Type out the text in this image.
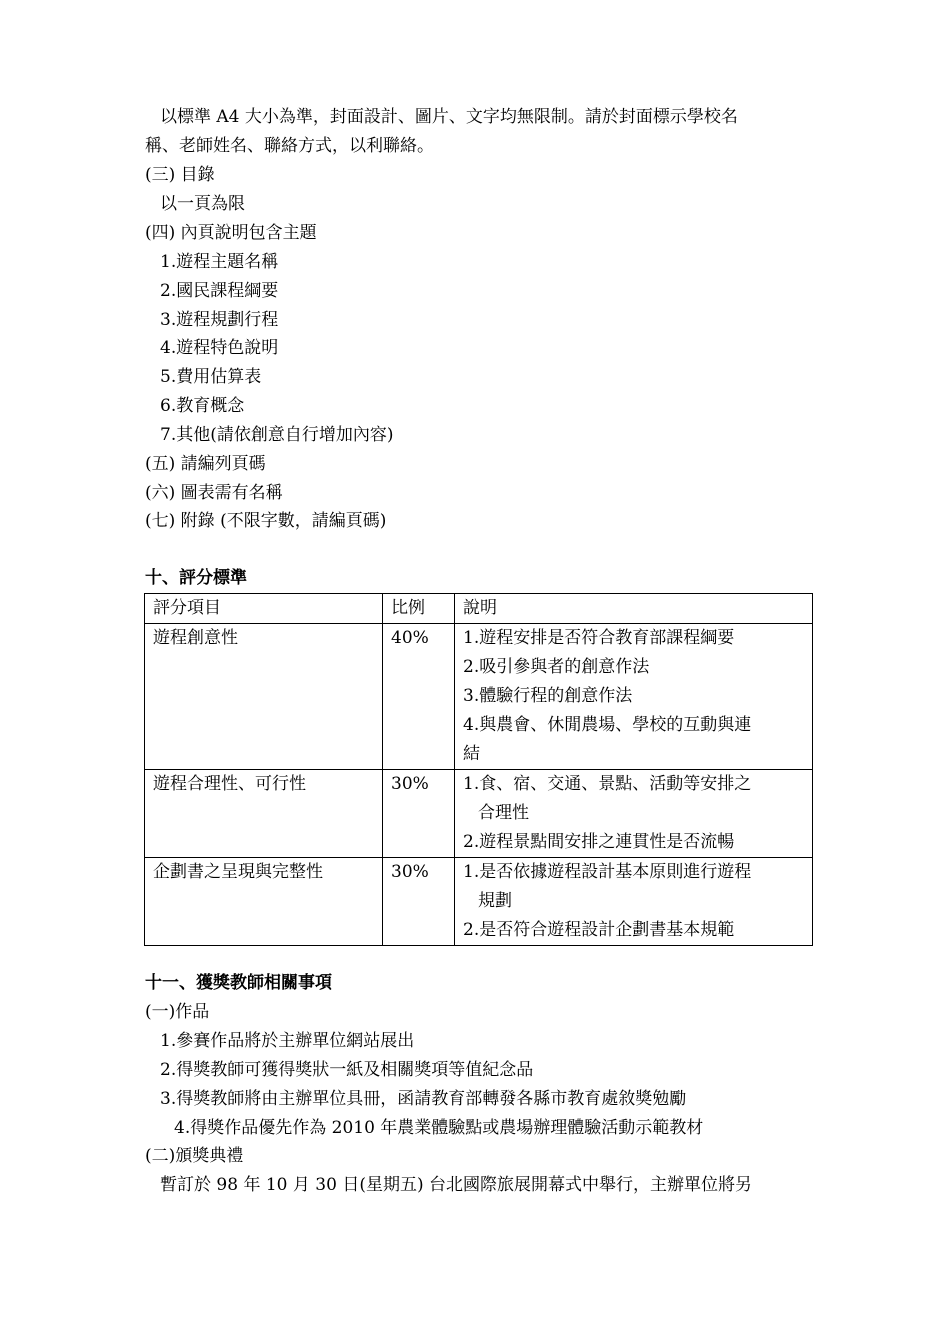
以標準 A4 大小為準，封面設計、圖片、文字均無限制。請於封面標示學校名
稱、老師姓名、聯絡方式，以利聯絡。
(三) 目錄
以一頁為限
(四) 內頁說明包含主題
1.遊程主題名稱
2.國民課程綱要
3.遊程規劃行程
4.遊程特色說明
5.費用估算表
6.教育概念
7.其他(請依創意自行增加內容)
(五) 請編列頁碼
(六) 圖表需有名稱
(七) 附錄 (不限字數，請編頁碼)
十、評分標準
評分項目	比例	說明
遊程創意性	40%	1.遊程安排是否符合教育部課程綱要
2.吸引參與者的創意作法
3.體驗行程的創意作法
4.與農會、休閒農場、學校的互動與連
結

遊程合理性、可行性	30%	1.食、宿、交通、景點、活動等安排之
合理性
2.遊程景點間安排之連貫性是否流暢

企劃書之呈現與完整性	30%	1.是否依據遊程設計基本原則進行遊程
規劃
2.是否符合遊程設計企劃書基本規範
十一、獲獎教師相關事項
(一)作品
1.參賽作品將於主辦單位網站展出
2.得獎教師可獲得獎狀一紙及相關獎項等值紀念品
3.得獎教師將由主辦單位具冊，函請教育部轉發各縣市教育處敘獎勉勵
4.得獎作品優先作為 2010 年農業體驗點或農場辦理體驗活動示範教材
(二)頒獎典禮
暫訂於 98 年 10 月 30 日(星期五) 台北國際旅展開幕式中舉行，主辦單位將另
